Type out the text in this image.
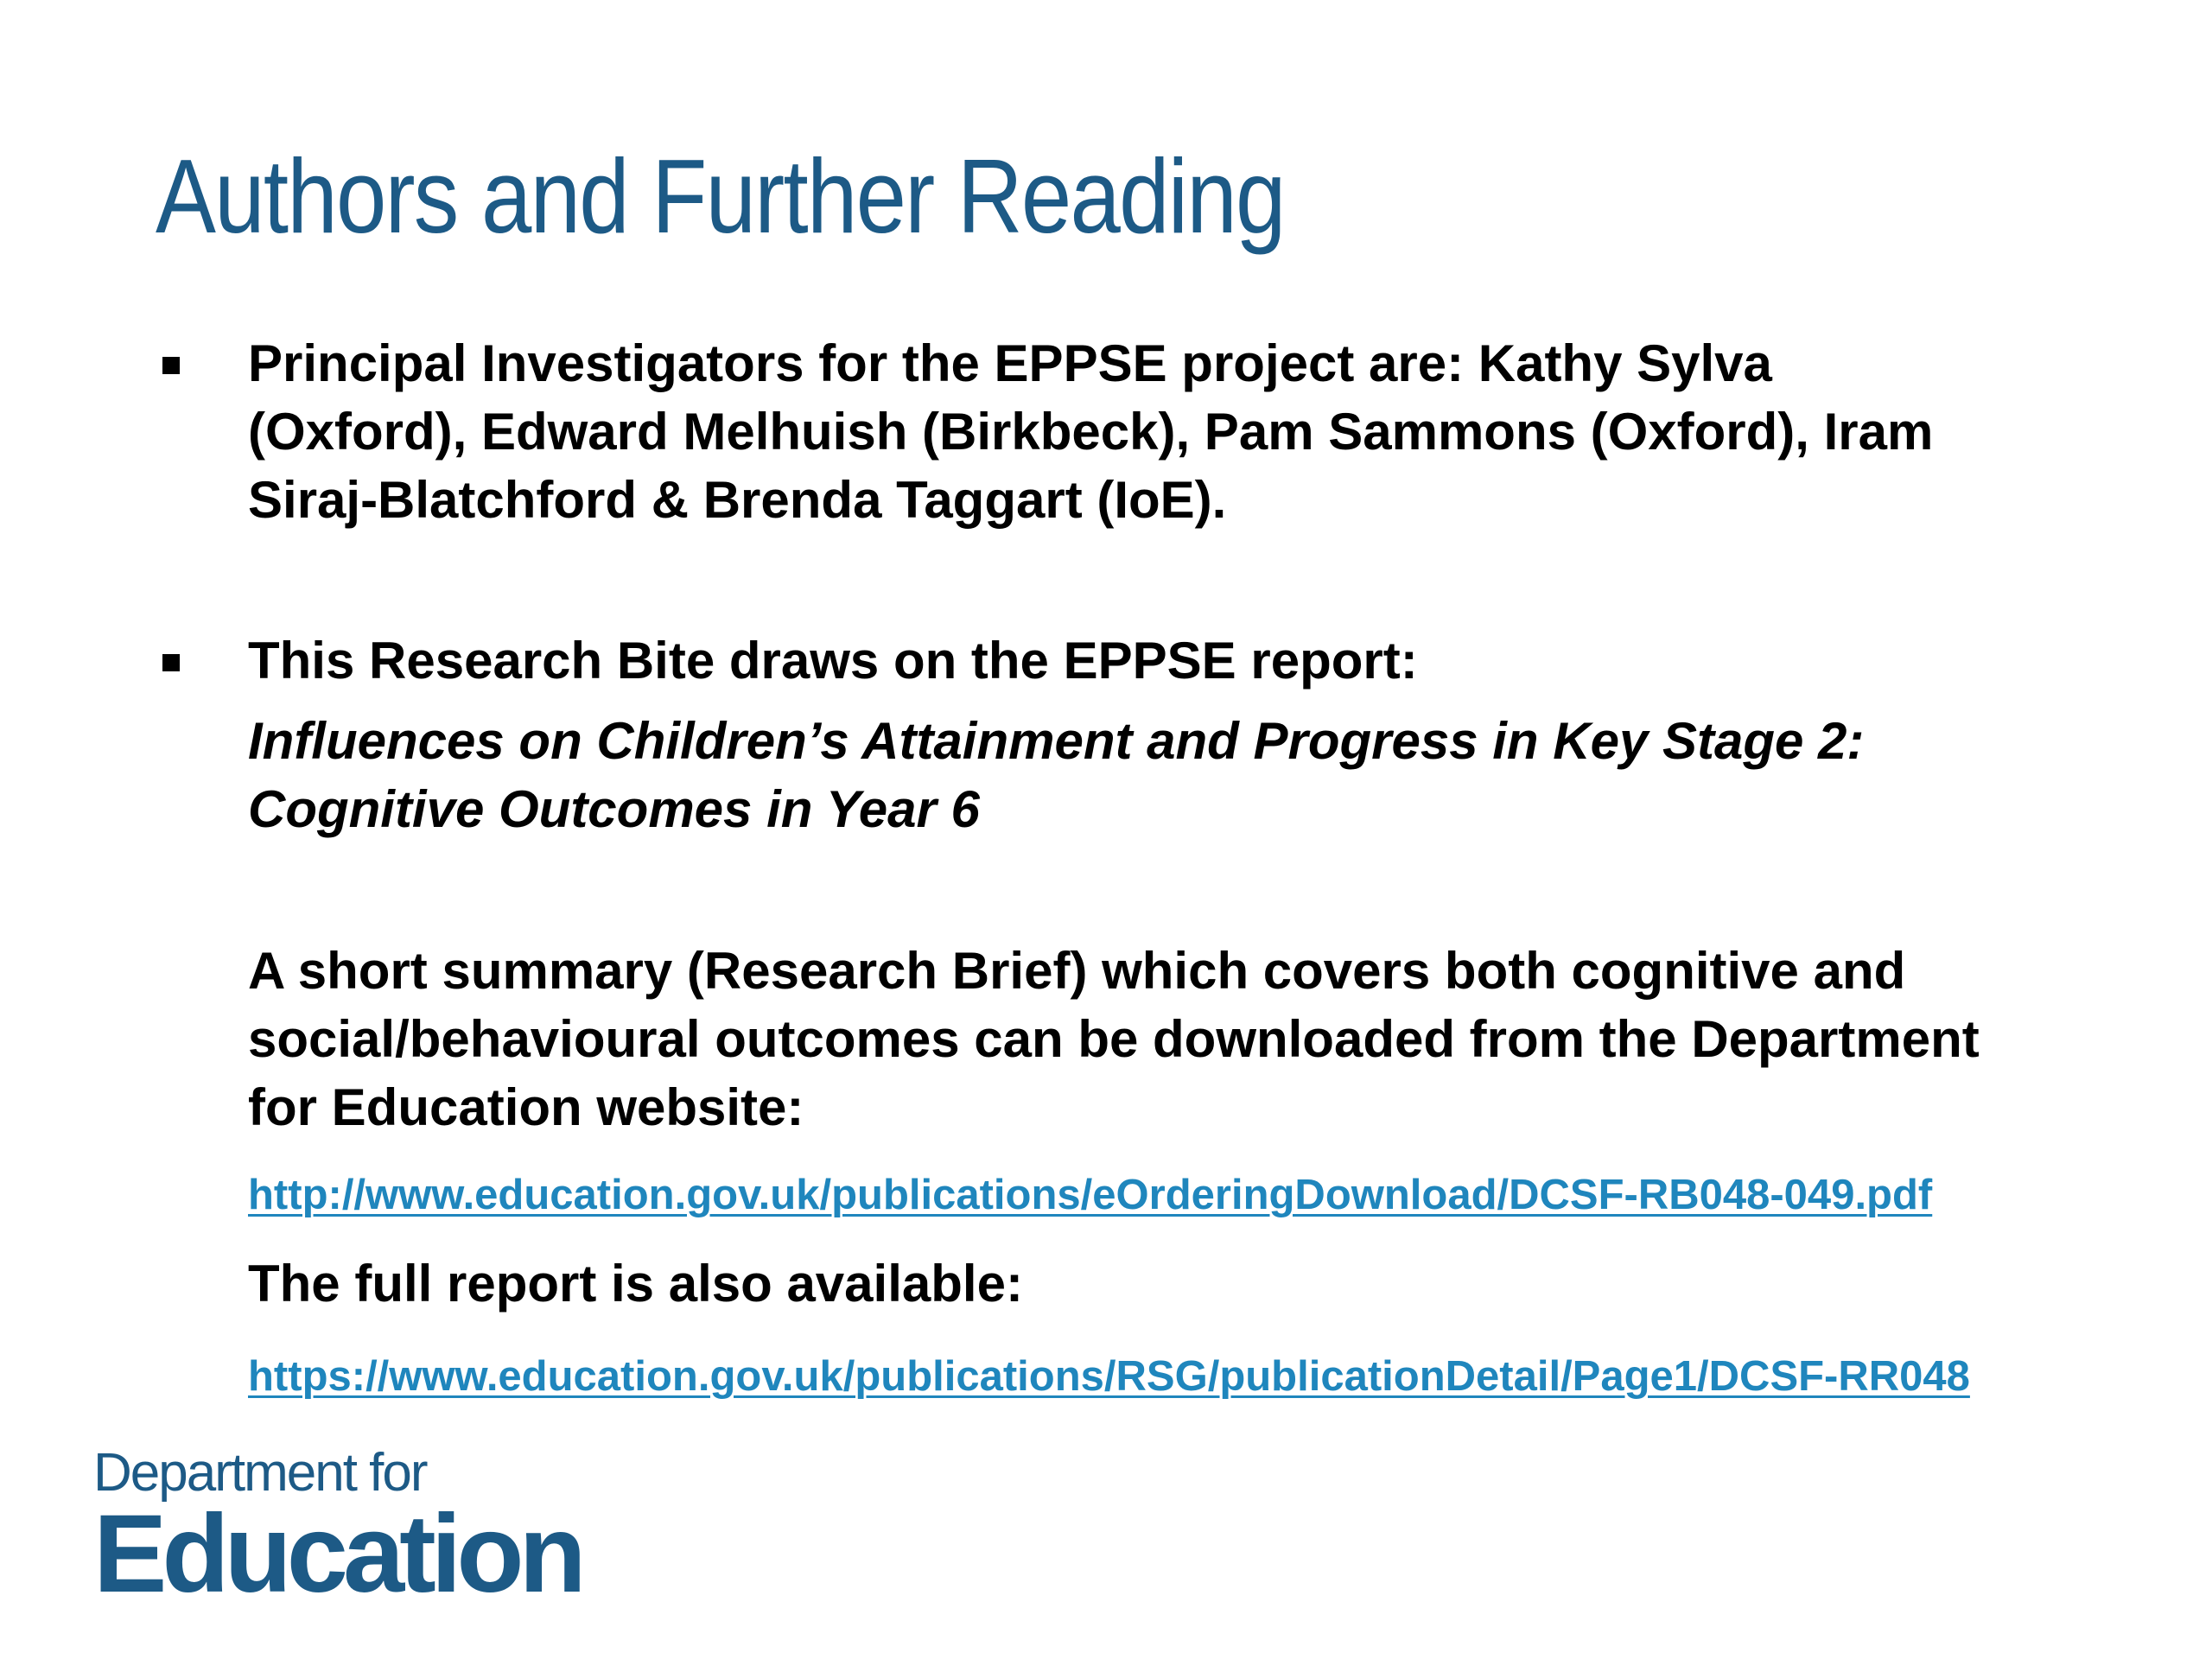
Authors and Further Reading

Principal Investigators for the EPPSE project are: Kathy Sylva
(Oxford), Edward Melhuish (Birkbeck), Pam Sammons (Oxford), Iram
Siraj-Blatchford & Brenda Taggart (IoE).

This Research Bite draws on the EPPSE report:

Influences on Children’s Attainment and Progress in Key Stage 2:
Cognitive Outcomes in Year 6

A short summary (Research Brief) which covers both cognitive and
social/behavioural outcomes can be downloaded from the Department
for Education website:

http://www.education.gov.uk/publications/eOrderingDownload/DCSF-RB048-049.pdf

The full report is also available:

https://www.education.gov.uk/publications/RSG/publicationDetail/Page1/DCSF-RR048
Department for
Education
